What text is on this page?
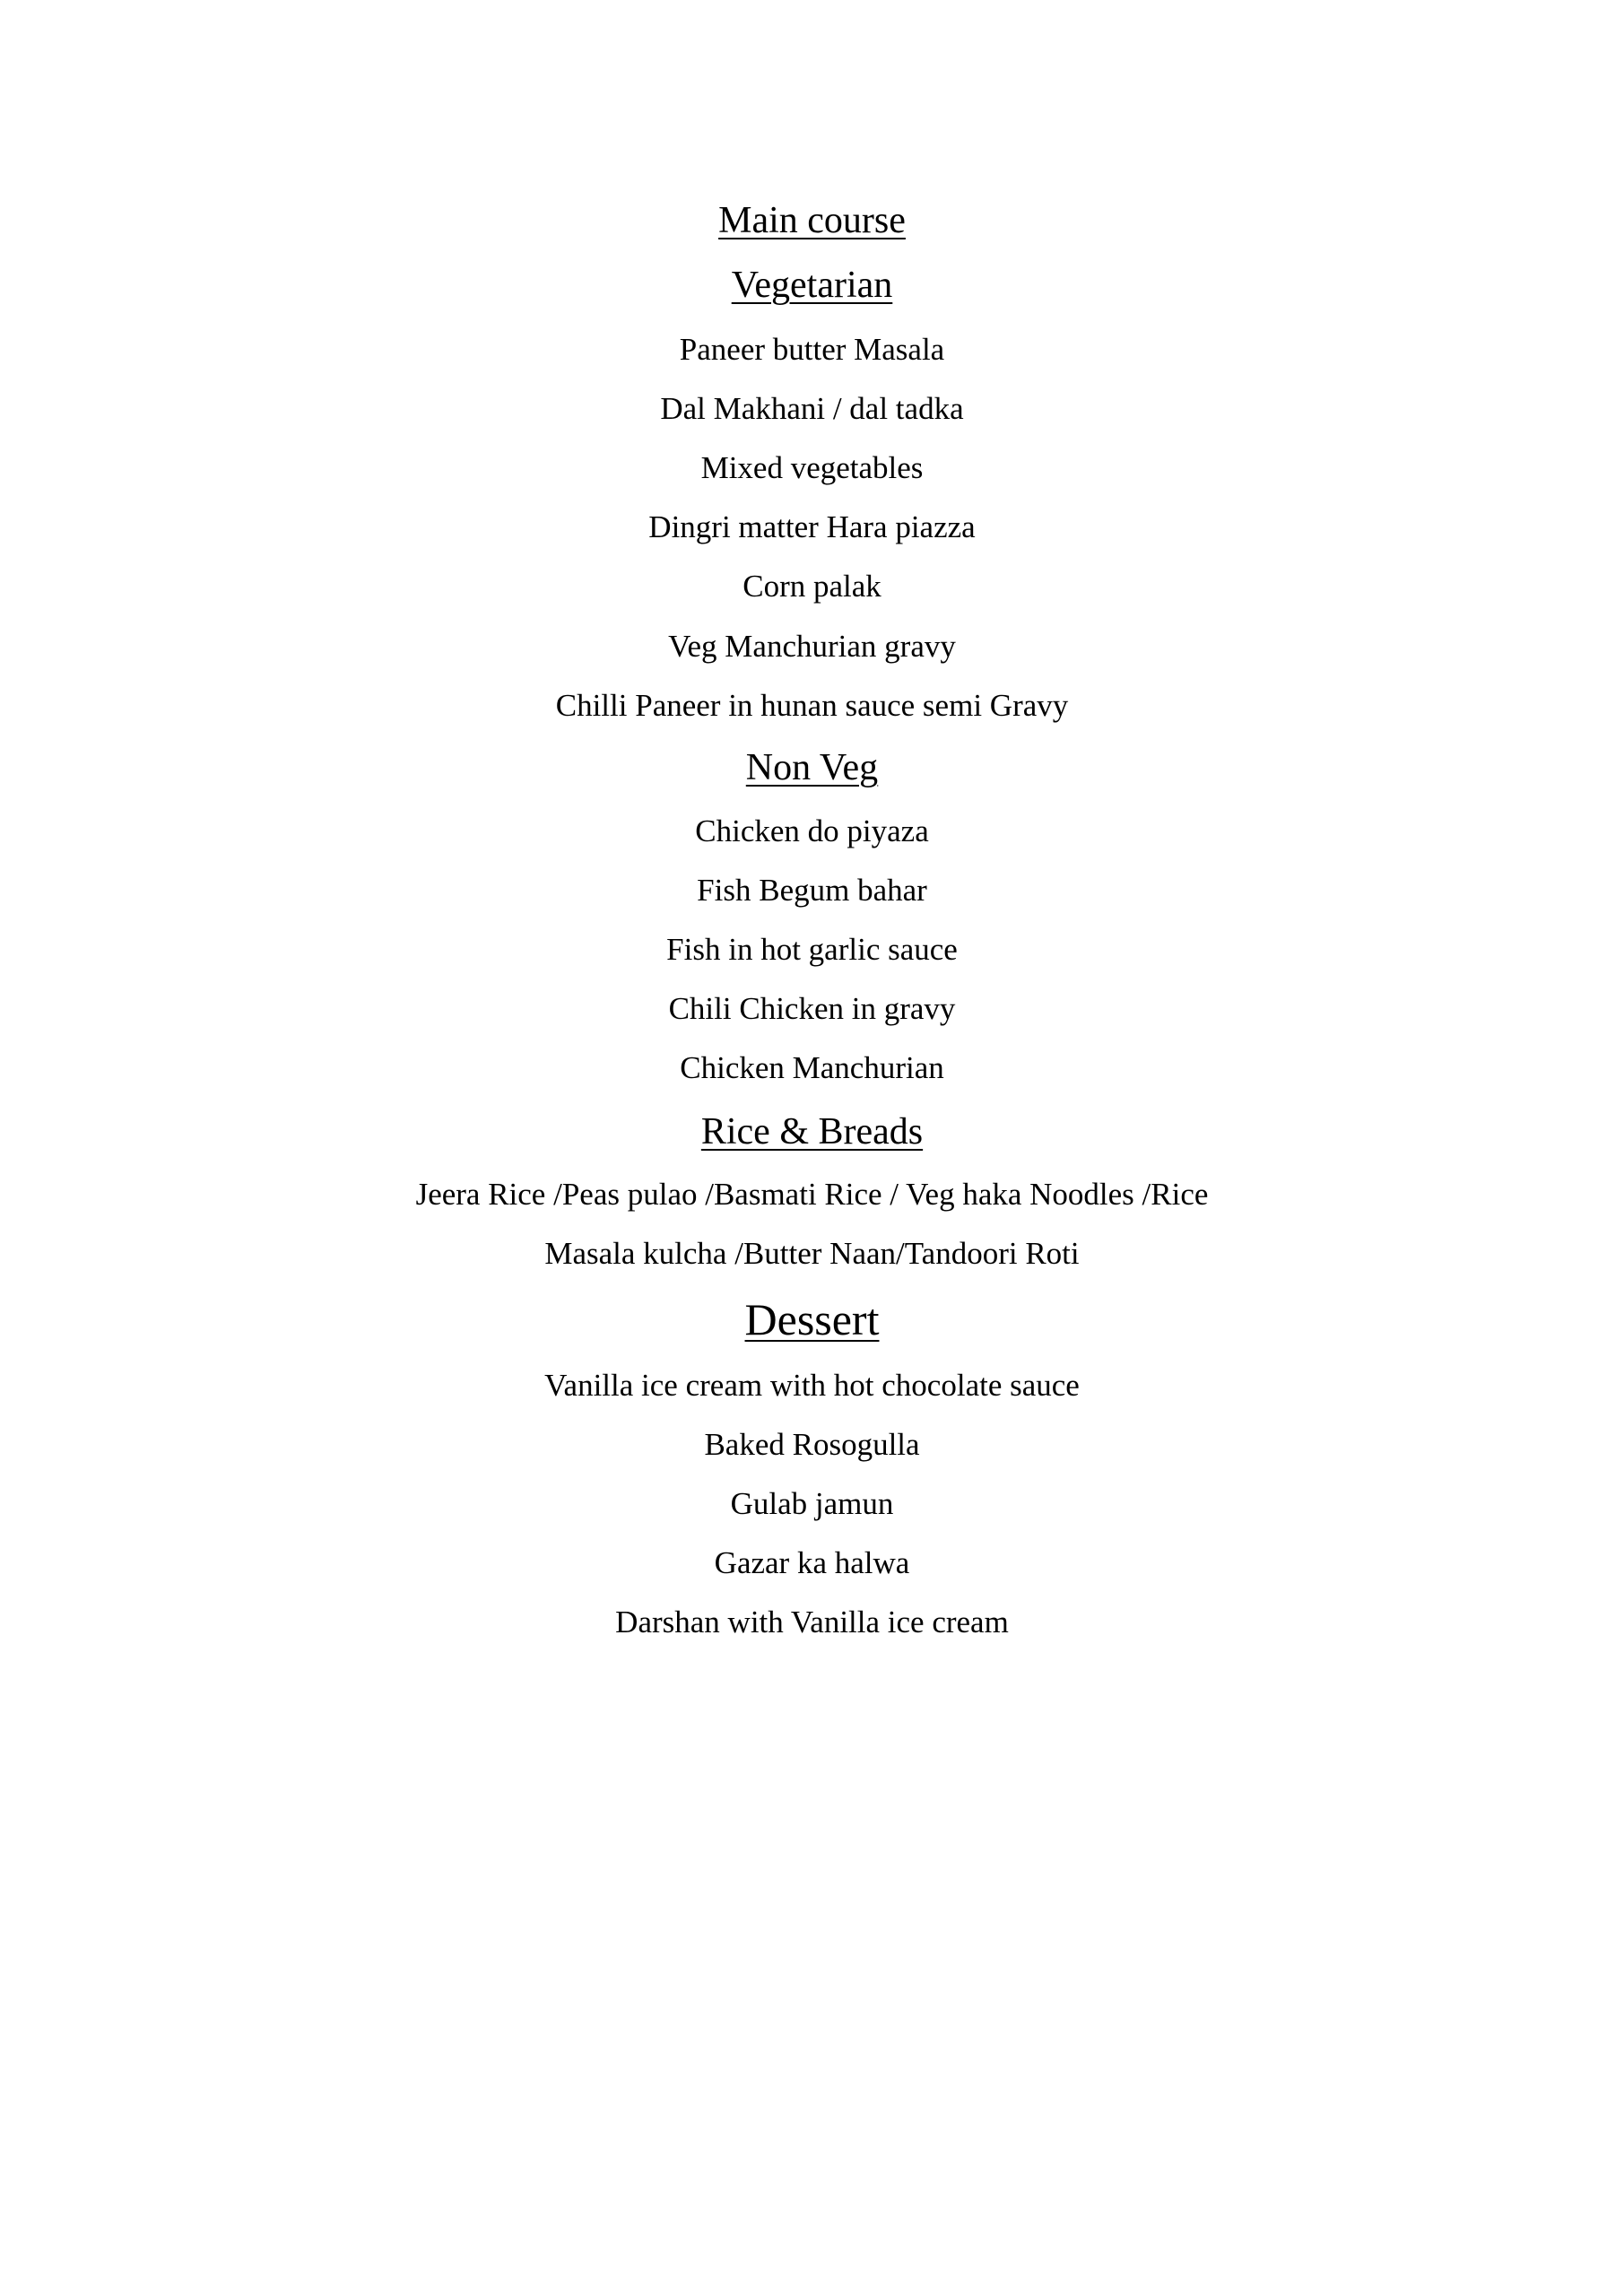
Main course
Vegetarian
Paneer butter Masala
Dal Makhani / dal tadka
Mixed vegetables
Dingri matter Hara piazza
Corn palak
Veg Manchurian gravy
Chilli Paneer in hunan sauce semi Gravy
Non Veg
Chicken do piyaza
Fish Begum bahar
Fish in hot garlic sauce
Chili Chicken in gravy
Chicken Manchurian
Rice & Breads
Jeera Rice /Peas pulao /Basmati Rice / Veg haka Noodles /Rice
Masala kulcha /Butter Naan/Tandoori Roti
Dessert
Vanilla ice cream with hot chocolate sauce
Baked Rosogulla
Gulab jamun
Gazar ka halwa
Darshan with Vanilla ice cream
